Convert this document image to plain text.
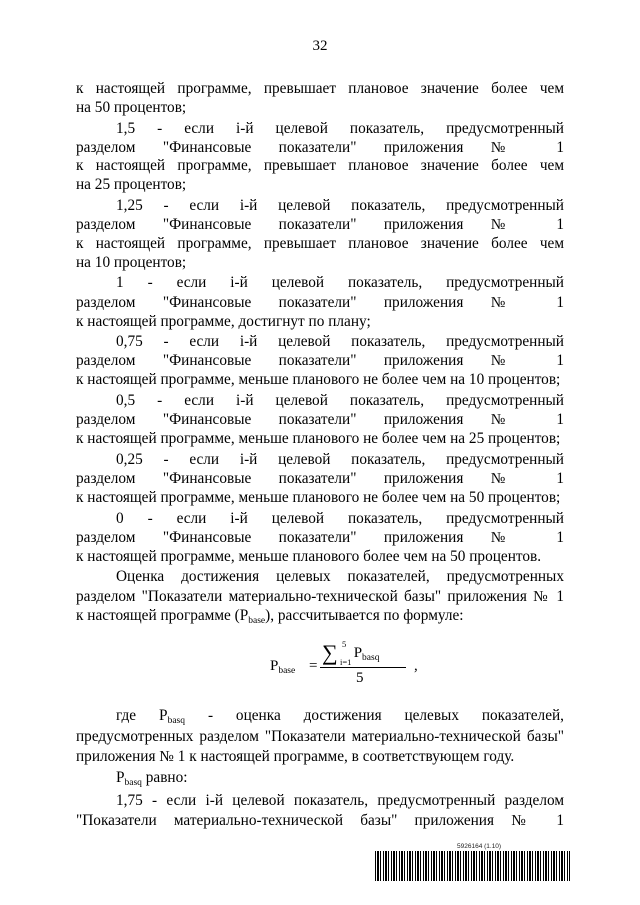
32
к настоящей программе, превышает плановое значение более чем
на 50 процентов;
1,5 - если i-й целевой показатель, предусмотренный
разделом "Финансовые показатели" приложения № 1
к настоящей программе, превышает плановое значение более чем
на 25 процентов;
1,25 - если i-й целевой показатель, предусмотренный
разделом "Финансовые показатели" приложения № 1
к настоящей программе, превышает плановое значение более чем
на 10 процентов;
1 - если i-й целевой показатель, предусмотренный
разделом "Финансовые показатели" приложения № 1
к настоящей программе, достигнут по плану;
0,75 - если i-й целевой показатель, предусмотренный
разделом "Финансовые показатели" приложения № 1
к настоящей программе, меньше планового не более чем на 10 процентов;
0,5 - если i-й целевой показатель, предусмотренный
разделом "Финансовые показатели" приложения № 1
к настоящей программе, меньше планового не более чем на 25 процентов;
0,25 - если i-й целевой показатель, предусмотренный
разделом "Финансовые показатели" приложения № 1
к настоящей программе, меньше планового не более чем на 50 процентов;
0 - если i-й целевой показатель, предусмотренный
разделом "Финансовые показатели" приложения № 1
к настоящей программе, меньше планового более чем на 50 процентов.
Оценка достижения целевых показателей, предусмотренных
разделом "Показатели материально-технической базы" приложения № 1
к настоящей программе $(P_{base})$, рассчитывается по формуле:
$P_{base}$ =
∑ $P_{basq}$
5
i=1
5
,
где $P_{basq}$	- оценка достижения целевых показателей,
предусмотренных разделом "Показатели материально-технической базы"
приложения № 1 к настоящей программе, в соответствующем году.
$P_{basq}$ равно:
1,75 - если i-й целевой показатель, предусмотренный разделом
"Показатели материально-технической базы" приложения № 1
5926164 (1.10)
